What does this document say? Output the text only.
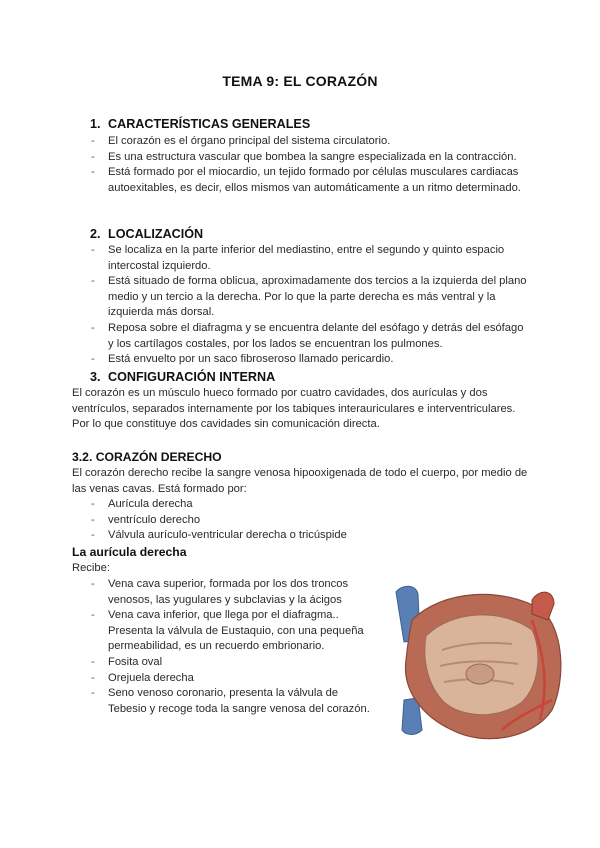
TEMA 9: EL CORAZÓN
1. CARACTERÍSTICAS GENERALES
- El corazón es el órgano principal del sistema circulatorio.
- Es una estructura vascular que bombea la sangre especializada en la contracción.
- Está formado por el miocardio, un tejido formado por células musculares cardiacas autoexitables, es decir, ellos mismos van automáticamente a un ritmo determinado.
2. LOCALIZACIÓN
- Se localiza en la parte inferior del mediastino, entre el segundo y quinto espacio intercostal izquierdo.
- Está situado de forma oblicua, aproximadamente dos tercios a la izquierda del plano medio y un tercio a la derecha. Por lo que la parte derecha es más ventral y la izquierda más dorsal.
- Reposa sobre el diafragma y se encuentra delante del esófago y detrás del esófago y los cartílagos costales, por los lados se encuentran los pulmones.
- Está envuelto por un saco fibroseroso llamado pericardio.
3. CONFIGURACIÓN INTERNA
El corazón es un músculo hueco formado por cuatro cavidades, dos aurículas y dos ventrículos, separados internamente por los tabiques interauriculares e interventriculares. Por lo que constituye dos cavidades sin comunicación directa.
3.2. CORAZÓN DERECHO
El corazón derecho recibe la sangre venosa hipooxigenada de todo el cuerpo, por medio de las venas cavas. Está formado por:
- Aurícula derecha
- ventrículo derecho
- Válvula aurículo-ventricular derecha o tricúspide
La aurícula derecha
Recibe:
- Vena cava superior, formada por los dos troncos venosos, las yugulares y subclavias y la ácigos
- Vena cava inferior, que llega por el diafragma.. Presenta la válvula de Eustaquio, con una pequeña permeabilidad, es un recuerdo embrionario.
- Fosita oval
- Orejuela derecha
- Seno venoso coronario, presenta la válvula de Tebesio y recoge toda la sangre venosa del corazón.
